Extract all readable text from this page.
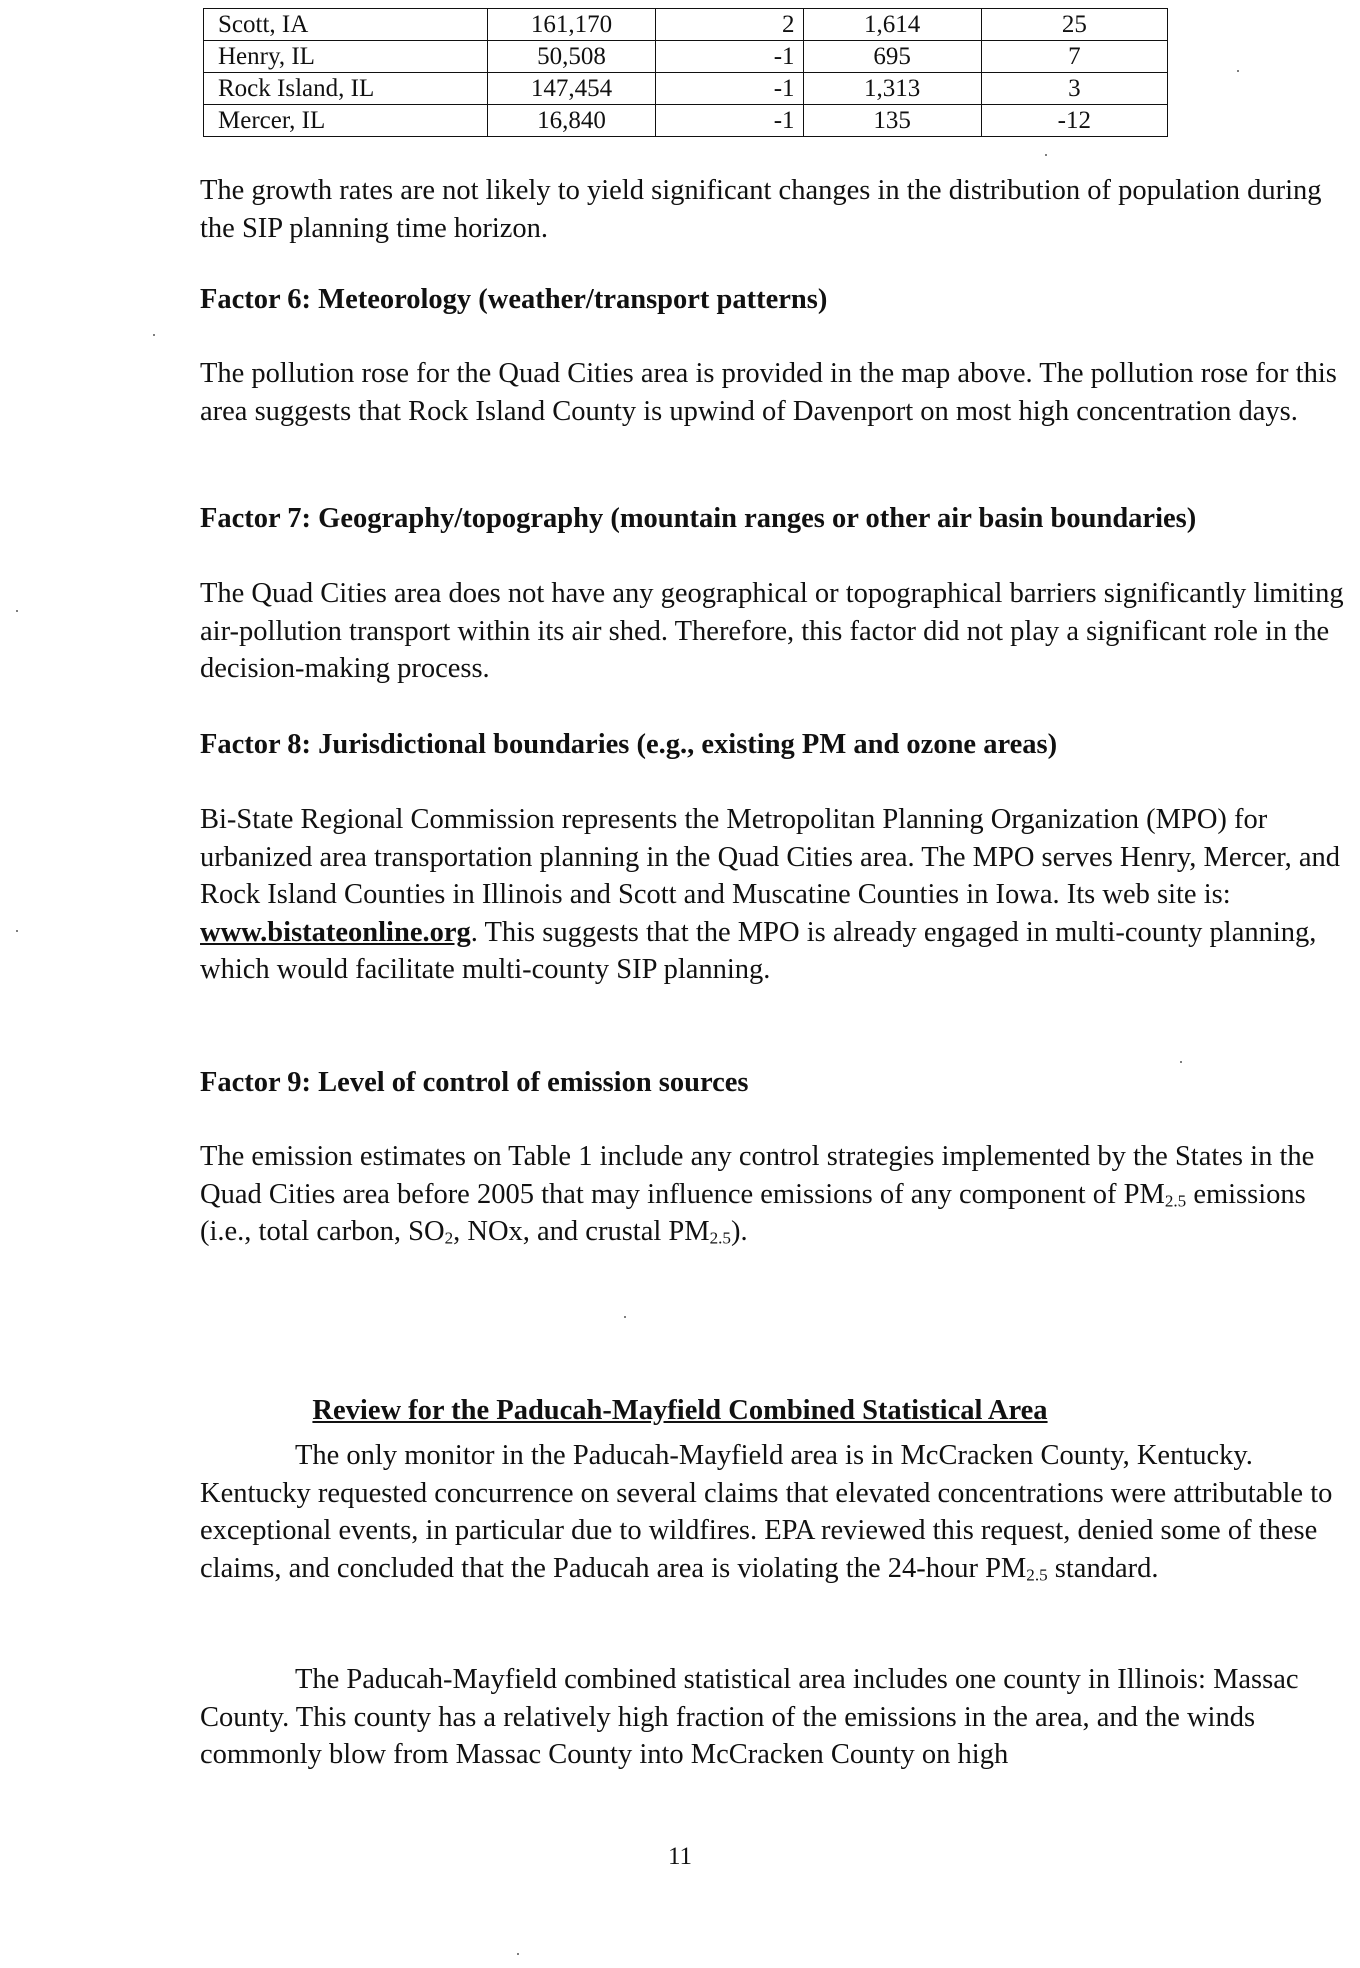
Scott, IA	161,170	2	1,614	25
Henry, IL	50,508	-1	695	7
Rock Island, IL	147,454	-1	1,313	3
Mercer, IL	16,840	-1	135	-12

The growth rates are not likely to yield significant changes in the distribution of population during the SIP planning time horizon.

Factor 6: Meteorology (weather/transport patterns)

The pollution rose for the Quad Cities area is provided in the map above. The pollution rose for this area suggests that Rock Island County is upwind of Davenport on most high concentration days.

Factor 7: Geography/topography (mountain ranges or other air basin boundaries)

The Quad Cities area does not have any geographical or topographical barriers significantly limiting air-pollution transport within its air shed. Therefore, this factor did not play a significant role in the decision-making process.

Factor 8: Jurisdictional boundaries (e.g., existing PM and ozone areas)

Bi-State Regional Commission represents the Metropolitan Planning Organization (MPO) for urbanized area transportation planning in the Quad Cities area. The MPO serves Henry, Mercer, and Rock Island Counties in Illinois and Scott and Muscatine Counties in Iowa. Its web site is: www.bistateonline.org. This suggests that the MPO is already engaged in multi-county planning, which would facilitate multi-county SIP planning.

Factor 9: Level of control of emission sources

The emission estimates on Table 1 include any control strategies implemented by the States in the Quad Cities area before 2005 that may influence emissions of any component of $PM_{2.5}$ emissions (i.e., total carbon, $SO_2$, NOx, and crustal $PM_{2.5}$).

Review for the Paducah-Mayfield Combined Statistical Area

The only monitor in the Paducah-Mayfield area is in McCracken County, Kentucky. Kentucky requested concurrence on several claims that elevated concentrations were attributable to exceptional events, in particular due to wildfires. EPA reviewed this request, denied some of these claims, and concluded that the Paducah area is violating the 24-hour $PM_{2.5}$ standard.

The Paducah-Mayfield combined statistical area includes one county in Illinois: Massac County. This county has a relatively high fraction of the emissions in the area, and the winds commonly blow from Massac County into McCracken County on high

11
